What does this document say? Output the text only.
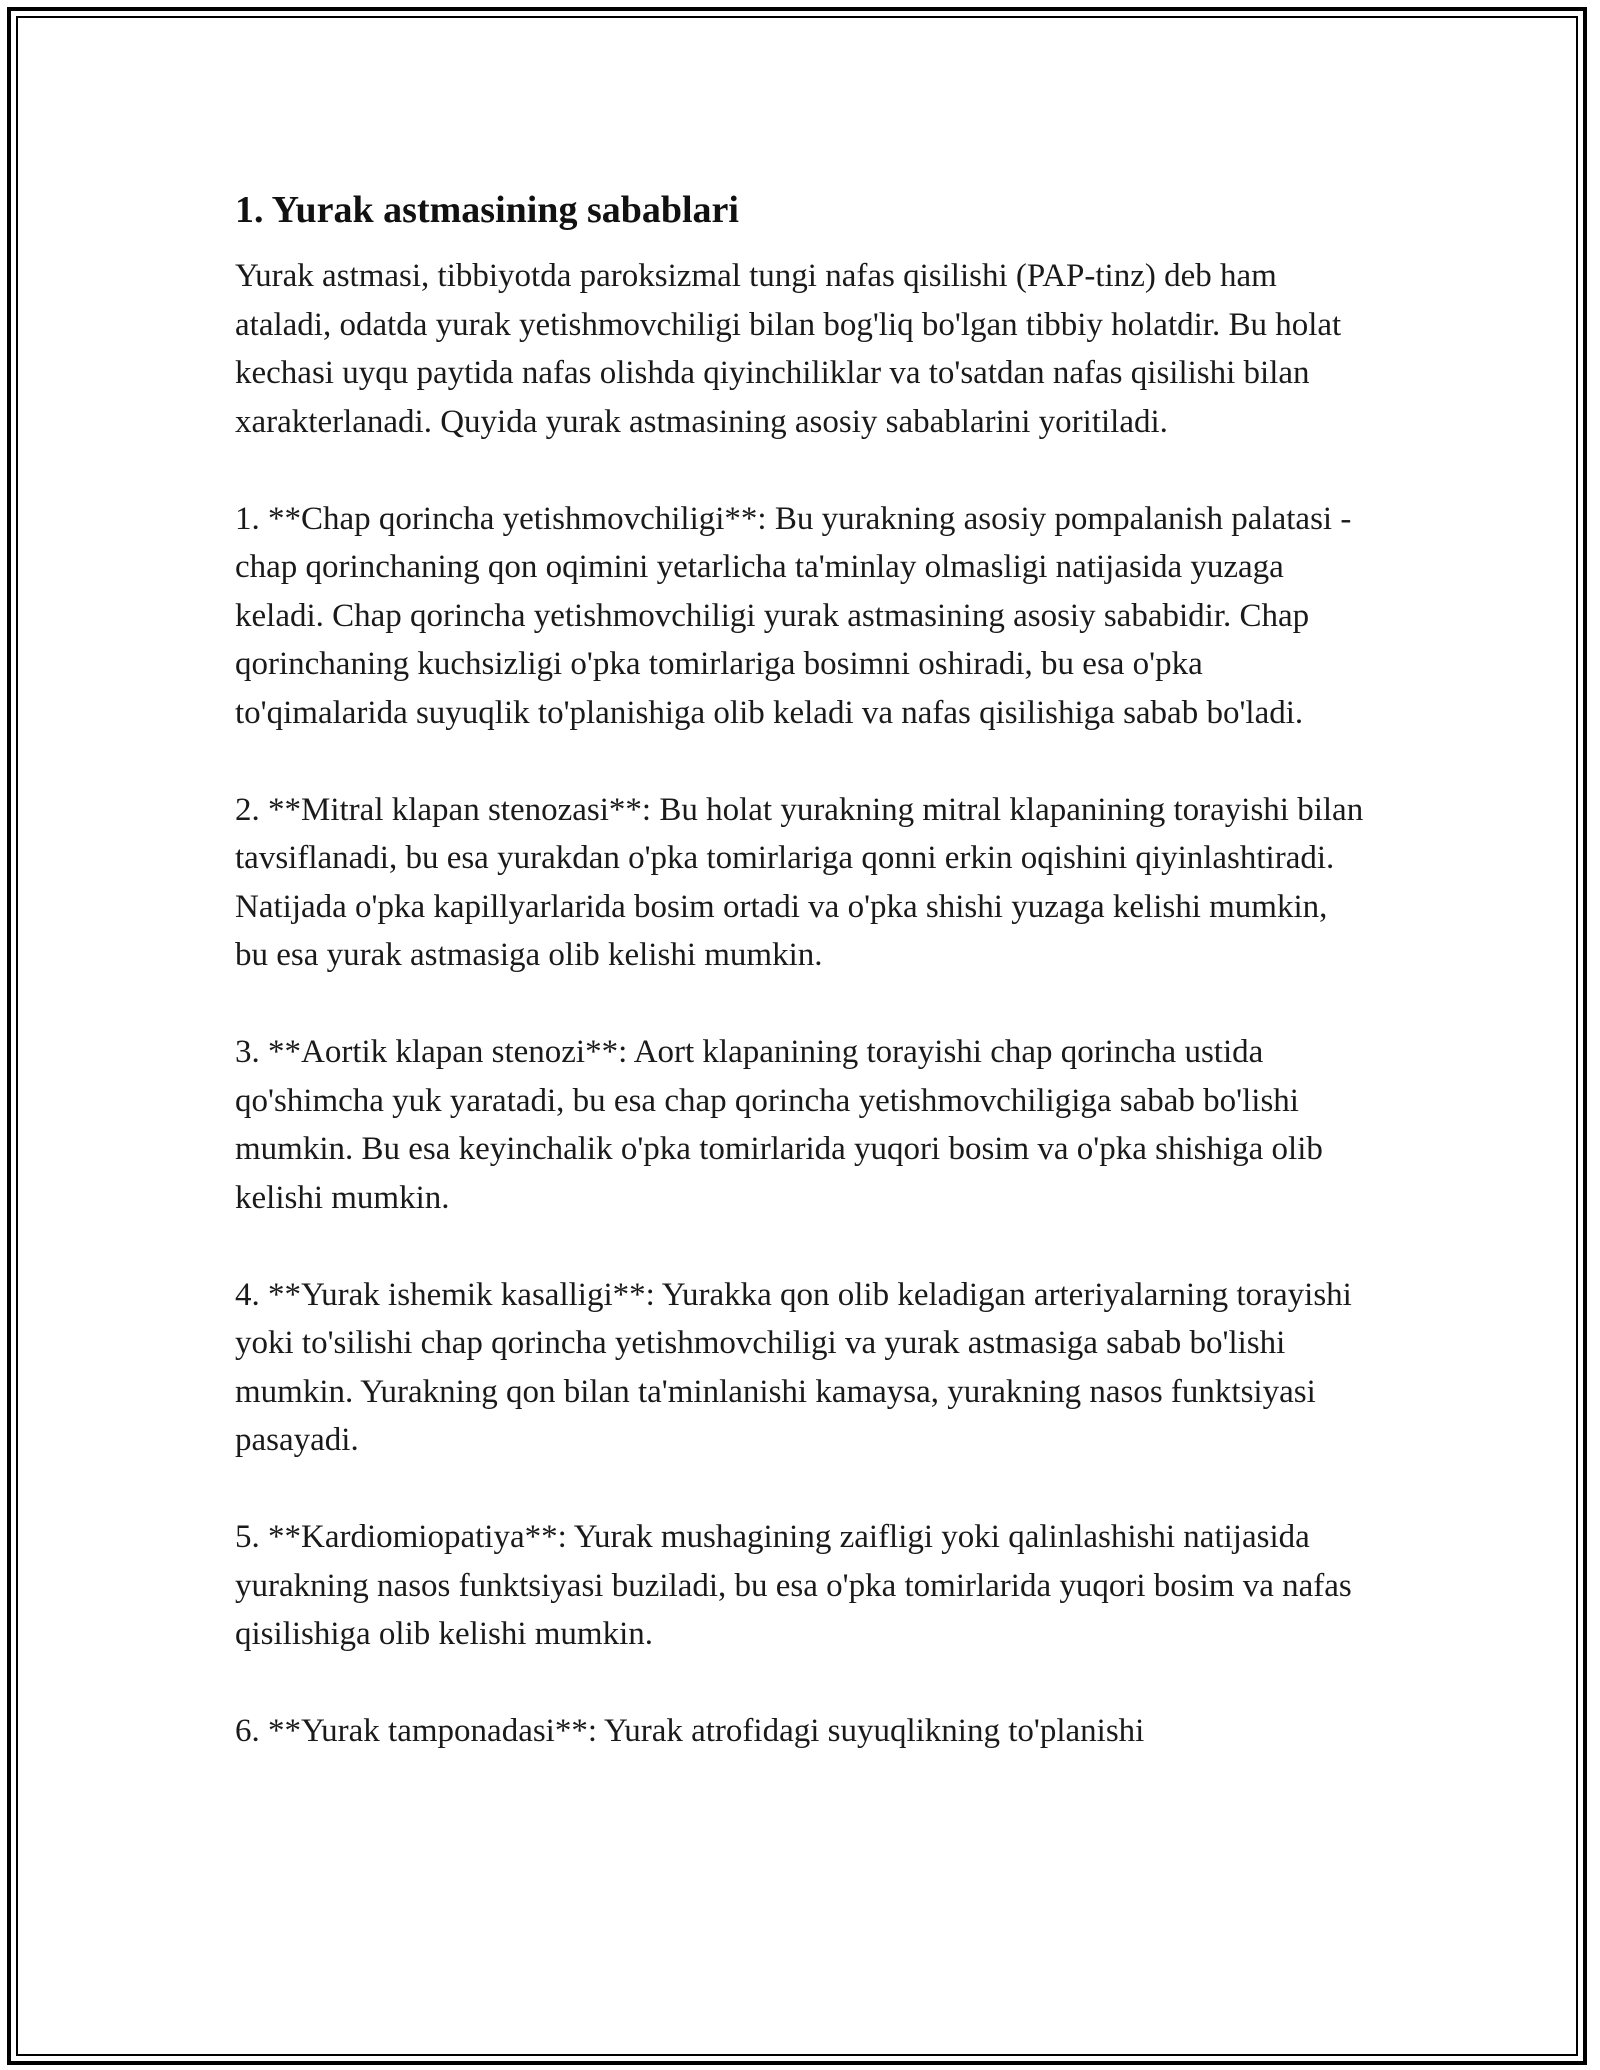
1. Yurak astmasining sabablari

Yurak astmasi, tibbiyotda paroksizmal tungi nafas qisilishi (PAP-tinz) deb ham ataladi, odatda yurak yetishmovchiligi bilan bog'liq bo'lgan tibbiy holatdir. Bu holat kechasi uyqu paytida nafas olishda qiyinchiliklar va to'satdan nafas qisilishi bilan xarakterlanadi. Quyida yurak astmasining asosiy sabablarini yoritiladi.

1. **Chap qorincha yetishmovchiligi**: Bu yurakning asosiy pompalanish palatasi - chap qorinchaning qon oqimini yetarlicha ta'minlay olmasligi natijasida yuzaga keladi. Chap qorincha yetishmovchiligi yurak astmasining asosiy sababidir. Chap qorinchaning kuchsizligi o'pka tomirlariga bosimni oshiradi, bu esa o'pka to'qimalarida suyuqlik to'planishiga olib keladi va nafas qisilishiga sabab bo'ladi.

2. **Mitral klapan stenozasi**: Bu holat yurakning mitral klapanining torayishi bilan tavsiflanadi, bu esa yurakdan o'pka tomirlariga qonni erkin oqishini qiyinlashtiradi. Natijada o'pka kapillyarlarida bosim ortadi va o'pka shishi yuzaga kelishi mumkin, bu esa yurak astmasiga olib kelishi mumkin.

3. **Aortik klapan stenozi**: Aort klapanining torayishi chap qorincha ustida qo'shimcha yuk yaratadi, bu esa chap qorincha yetishmovchiligiga sabab bo'lishi mumkin. Bu esa keyinchalik o'pka tomirlarida yuqori bosim va o'pka shishiga olib kelishi mumkin.

4. **Yurak ishemik kasalligi**: Yurakka qon olib keladigan arteriyalarning torayishi yoki to'silishi chap qorincha yetishmovchiligi va yurak astmasiga sabab bo'lishi mumkin. Yurakning qon bilan ta'minlanishi kamaysa, yurakning nasos funktsiyasi pasayadi.

5. **Kardiomiopatiya**: Yurak mushagining zaifligi yoki qalinlashishi natijasida yurakning nasos funktsiyasi buziladi, bu esa o'pka tomirlarida yuqori bosim va nafas qisilishiga olib kelishi mumkin.

6. **Yurak tamponadasi**: Yurak atrofidagi suyuqlikning to'planishi
